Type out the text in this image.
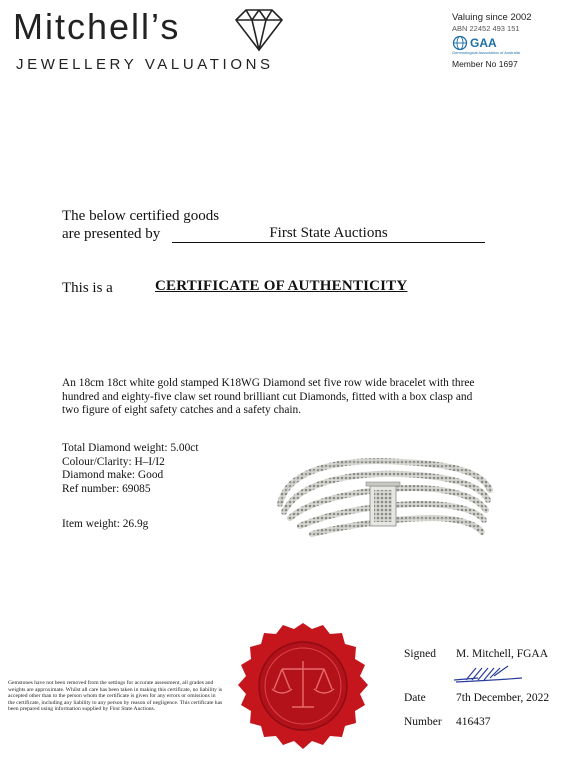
Mitchell’s
JEWELLERY VALUATIONS
Valuing since 2002
ABN 22452 493 151
GAA
Gemmological Association of Australia
Member No 1697
The below certified goods
are presented by	First State Auctions
This is a	CERTIFICATE OF AUTHENTICITY
An 18cm 18ct white gold stamped K18WG Diamond set five row wide bracelet with three
hundred and eighty-five claw set round brilliant cut Diamonds, fitted with a box clasp and
two figure of eight safety catches and a safety chain.
Total Diamond weight: 5.00ct
Colour/Clarity: H–I/I2
Diamond make: Good
Ref number: 69085
Item weight: 26.9g
Gemstones have not been removed from the settings for accurate assessment, all grades and weights are approximate. Whilst all care has been taken in making this certificate, no liability is accepted other than to the person whom the certificate is given for any errors or omissions in the certificate, including any liability to any person by reason of negligence. This certificate has been prepared using information supplied by First State Auctions.
Signed M. Mitchell, FGAA
Date	7th December, 2022
Number 416437
